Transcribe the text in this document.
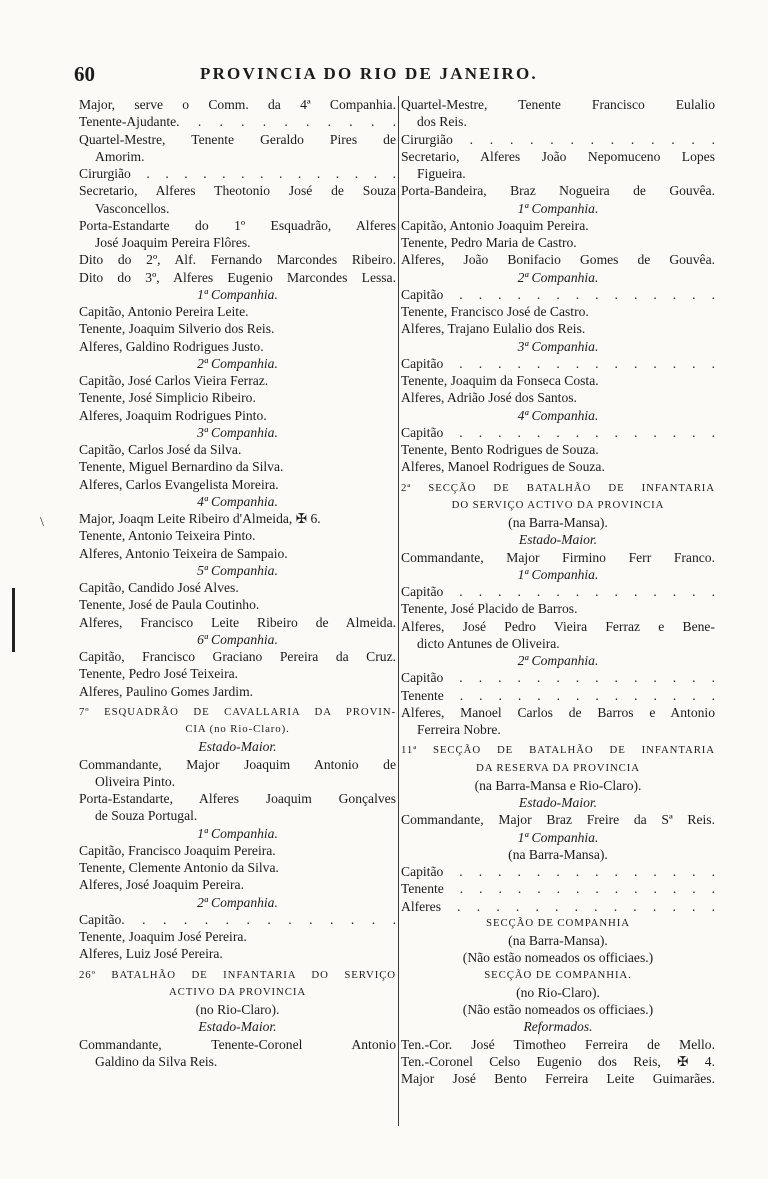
60	PROVINCIA DO RIO DE JANEIRO.
\
Major, serve o Comm. da 4ª Companhia.
Tenente-Ajudante. . . . . . . . . . .
Quartel-Mestre, Tenente Geraldo Pires de
Amorim.
Cirurgião . . . . . . . . . . . . . .
Secretario, Alferes Theotonio José de Souza
Vasconcellos.
Porta-Estandarte do 1º Esquadrão, Alferes
José Joaquim Pereira Flôres.
Dito do 2º, Alf. Fernando Marcondes Ribeiro.
Dito do 3º, Alferes Eugenio Marcondes Lessa.
1ª Companhia.
Capitão, Antonio Pereira Leite.
Tenente, Joaquim Silverio dos Reis.
Alferes, Galdino Rodrigues Justo.
2ª Companhia.
Capitão, José Carlos Vieira Ferraz.
Tenente, José Simplicio Ribeiro.
Alferes, Joaquim Rodrigues Pinto.
3ª Companhia.
Capitão, Carlos José da Silva.
Tenente, Miguel Bernardino da Silva.
Alferes, Carlos Evangelista Moreira.
4ª Companhia.
Major, Joaqm Leite Ribeiro d'Almeida, ✠ 6.
Tenente, Antonio Teixeira Pinto.
Alferes, Antonio Teixeira de Sampaio.
5ª Companhia.
Capitão, Candido José Alves.
Tenente, José de Paula Coutinho.
Alferes, Francisco Leite Ribeiro de Almeida.
6ª Companhia.
Capitão, Francisco Graciano Pereira da Cruz.
Tenente, Pedro José Teixeira.
Alferes, Paulino Gomes Jardim.
7º ESQUADRÃO DE CAVALLARIA DA PROVIN-
CIA (no Rio-Claro).
Estado-Maior.
Commandante, Major Joaquim Antonio de
Oliveira Pinto.
Porta-Estandarte, Alferes Joaquim Gonçalves
de Souza Portugal.
1ª Companhia.
Capitão, Francisco Joaquim Pereira.
Tenente, Clemente Antonio da Silva.
Alferes, José Joaquim Pereira.
2ª Companhia.
Capitão. . . . . . . . . . . . . .
Tenente, Joaquim José Pereira.
Alferes, Luiz José Pereira.
26º BATALHÃO DE INFANTARIA DO SERVIÇO
ACTIVO DA PROVINCIA
(no Rio-Claro).
Estado-Maior.
Commandante, Tenente-Coronel Antonio
Galdino da Silva Reis.
Quartel-Mestre, Tenente Francisco Eulalio
dos Reis.
Cirurgião . . . . . . . . . . . . .
Secretario, Alferes João Nepomuceno Lopes
Figueira.
Porta-Bandeira, Braz Nogueira de Gouvêa.
1ª Companhia.
Capitão, Antonio Joaquim Pereira.
Tenente, Pedro Maria de Castro.
Alferes, João Bonifacio Gomes de Gouvêa.
2ª Companhia.
Capitão . . . . . . . . . . . . . .
Tenente, Francisco José de Castro.
Alferes, Trajano Eulalio dos Reis.
3ª Companhia.
Capitão . . . . . . . . . . . . . .
Tenente, Joaquim da Fonseca Costa.
Alferes, Adrião José dos Santos.
4ª Companhia.
Capitão . . . . . . . . . . . . . .
Tenente, Bento Rodrigues de Souza.
Alferes, Manoel Rodrigues de Souza.
2ª SECÇÃO DE BATALHÃO DE INFANTARIA
DO SERVIÇO ACTIVO DA PROVINCIA
(na Barra-Mansa).
Estado-Maior.
Commandante, Major Firmino Ferr Franco.
1ª Companhia.
Capitão . . . . . . . . . . . . . .
Tenente, José Placido de Barros.
Alferes, José Pedro Vieira Ferraz e Bene-
dicto Antunes de Oliveira.
2ª Companhia.
Capitão . . . . . . . . . . . . . .
Tenente . . . . . . . . . . . . . .
Alferes, Manoel Carlos de Barros e Antonio
Ferreira Nobre.
11ª SECÇÃO DE BATALHÃO DE INFANTARIA
DA RESERVA DA PROVINCIA
(na Barra-Mansa e Rio-Claro).
Estado-Maior.
Commandante, Major Braz Freire da Sª Reis.
1ª Companhia.
(na Barra-Mansa).
Capitão . . . . . . . . . . . . . .
Tenente . . . . . . . . . . . . . .
Alferes . . . . . . . . . . . . . .
SECÇÃO DE COMPANHIA
(na Barra-Mansa).
(Não estão nomeados os officiaes.)
SECÇÃO DE COMPANHIA.
(no Rio-Claro).
(Não estão nomeados os officiaes.)
Reformados.
Ten.-Cor. José Timotheo Ferreira de Mello.
Ten.-Coronel Celso Eugenio dos Reis, ✠ 4.
Major José Bento Ferreira Leite Guimarães.
